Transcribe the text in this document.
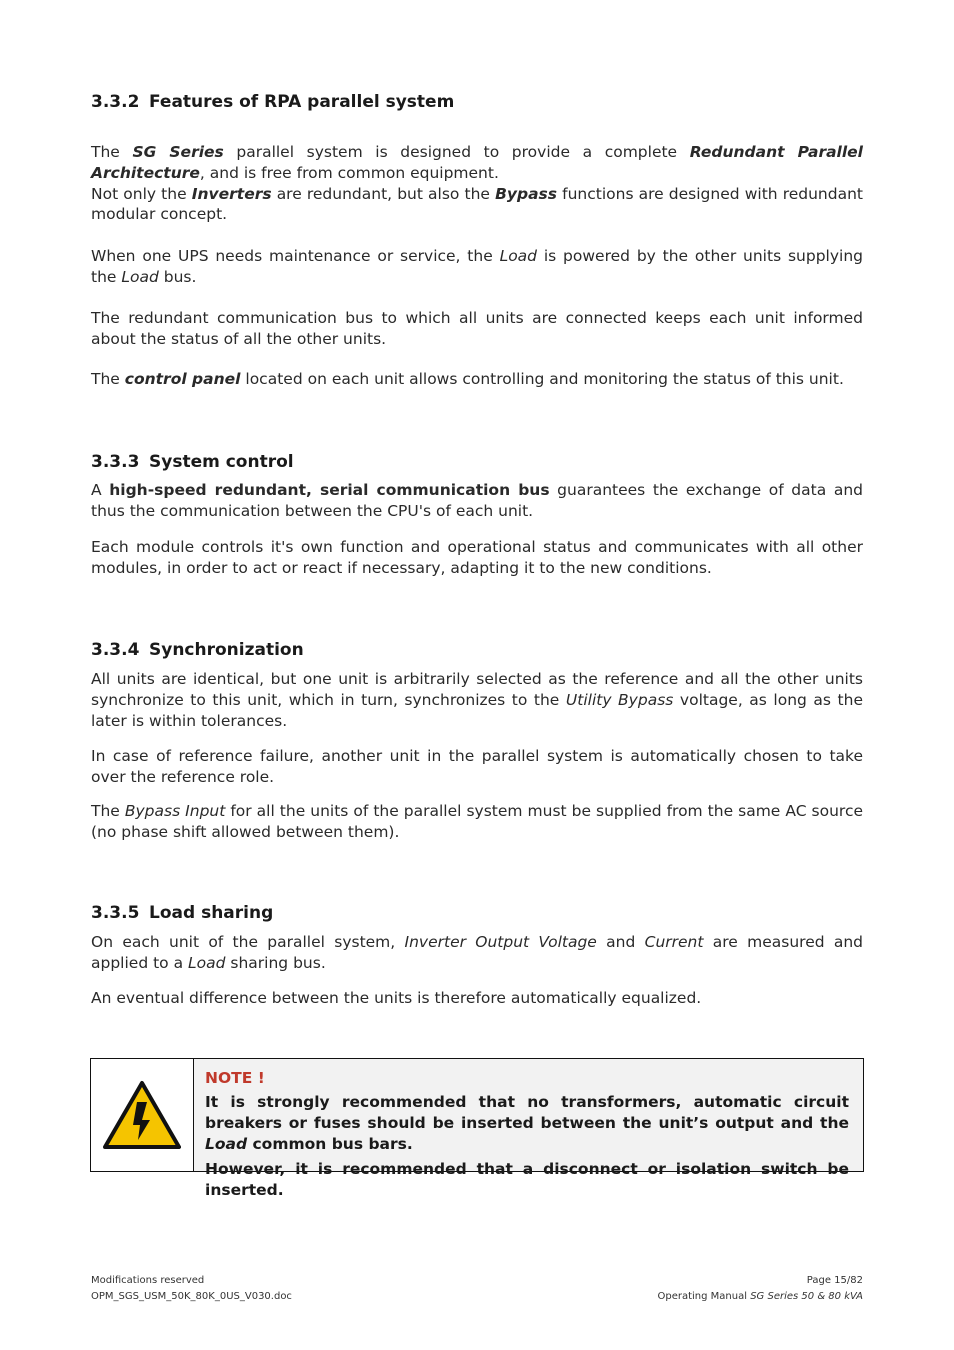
3.3.2 Features of RPA parallel system

The SG Series parallel system is designed to provide a complete Redundant Parallel Architecture, and is free from common equipment.

Not only the Inverters are redundant, but also the Bypass functions are designed with redundant modular concept.

When one UPS needs maintenance or service, the Load is powered by the other units supplying the Load bus.

The redundant communication bus to which all units are connected keeps each unit informed about the status of all the other units.

The control panel located on each unit allows controlling and monitoring the status of this unit.

3.3.3 System control

A high-speed redundant, serial communication bus guarantees the exchange of data and thus the communication between the CPU's of each unit.

Each module controls it's own function and operational status and communicates with all other modules, in order to act or react if necessary, adapting it to the new conditions.

3.3.4 Synchronization

All units are identical, but one unit is arbitrarily selected as the reference and all the other units synchronize to this unit, which in turn, synchronizes to the Utility Bypass voltage, as long as the later is within tolerances.

In case of reference failure, another unit in the parallel system is automatically chosen to take over the reference role.

The Bypass Input for all the units of the parallel system must be supplied from the same AC source (no phase shift allowed between them).

3.3.5 Load sharing

On each unit of the parallel system, Inverter Output Voltage and Current are measured and applied to a Load sharing bus.

An eventual difference between the units is therefore automatically equalized.

NOTE !

It is strongly recommended that no transformers, automatic circuit breakers or fuses should be inserted between the unit’s output and the Load common bus bars.

However, it is recommended that a disconnect or isolation switch be inserted.

Modifications reserved	Page 15/82
OPM_SGS_USM_50K_80K_0US_V030.doc	Operating Manual SG Series 50 & 80 kVA
